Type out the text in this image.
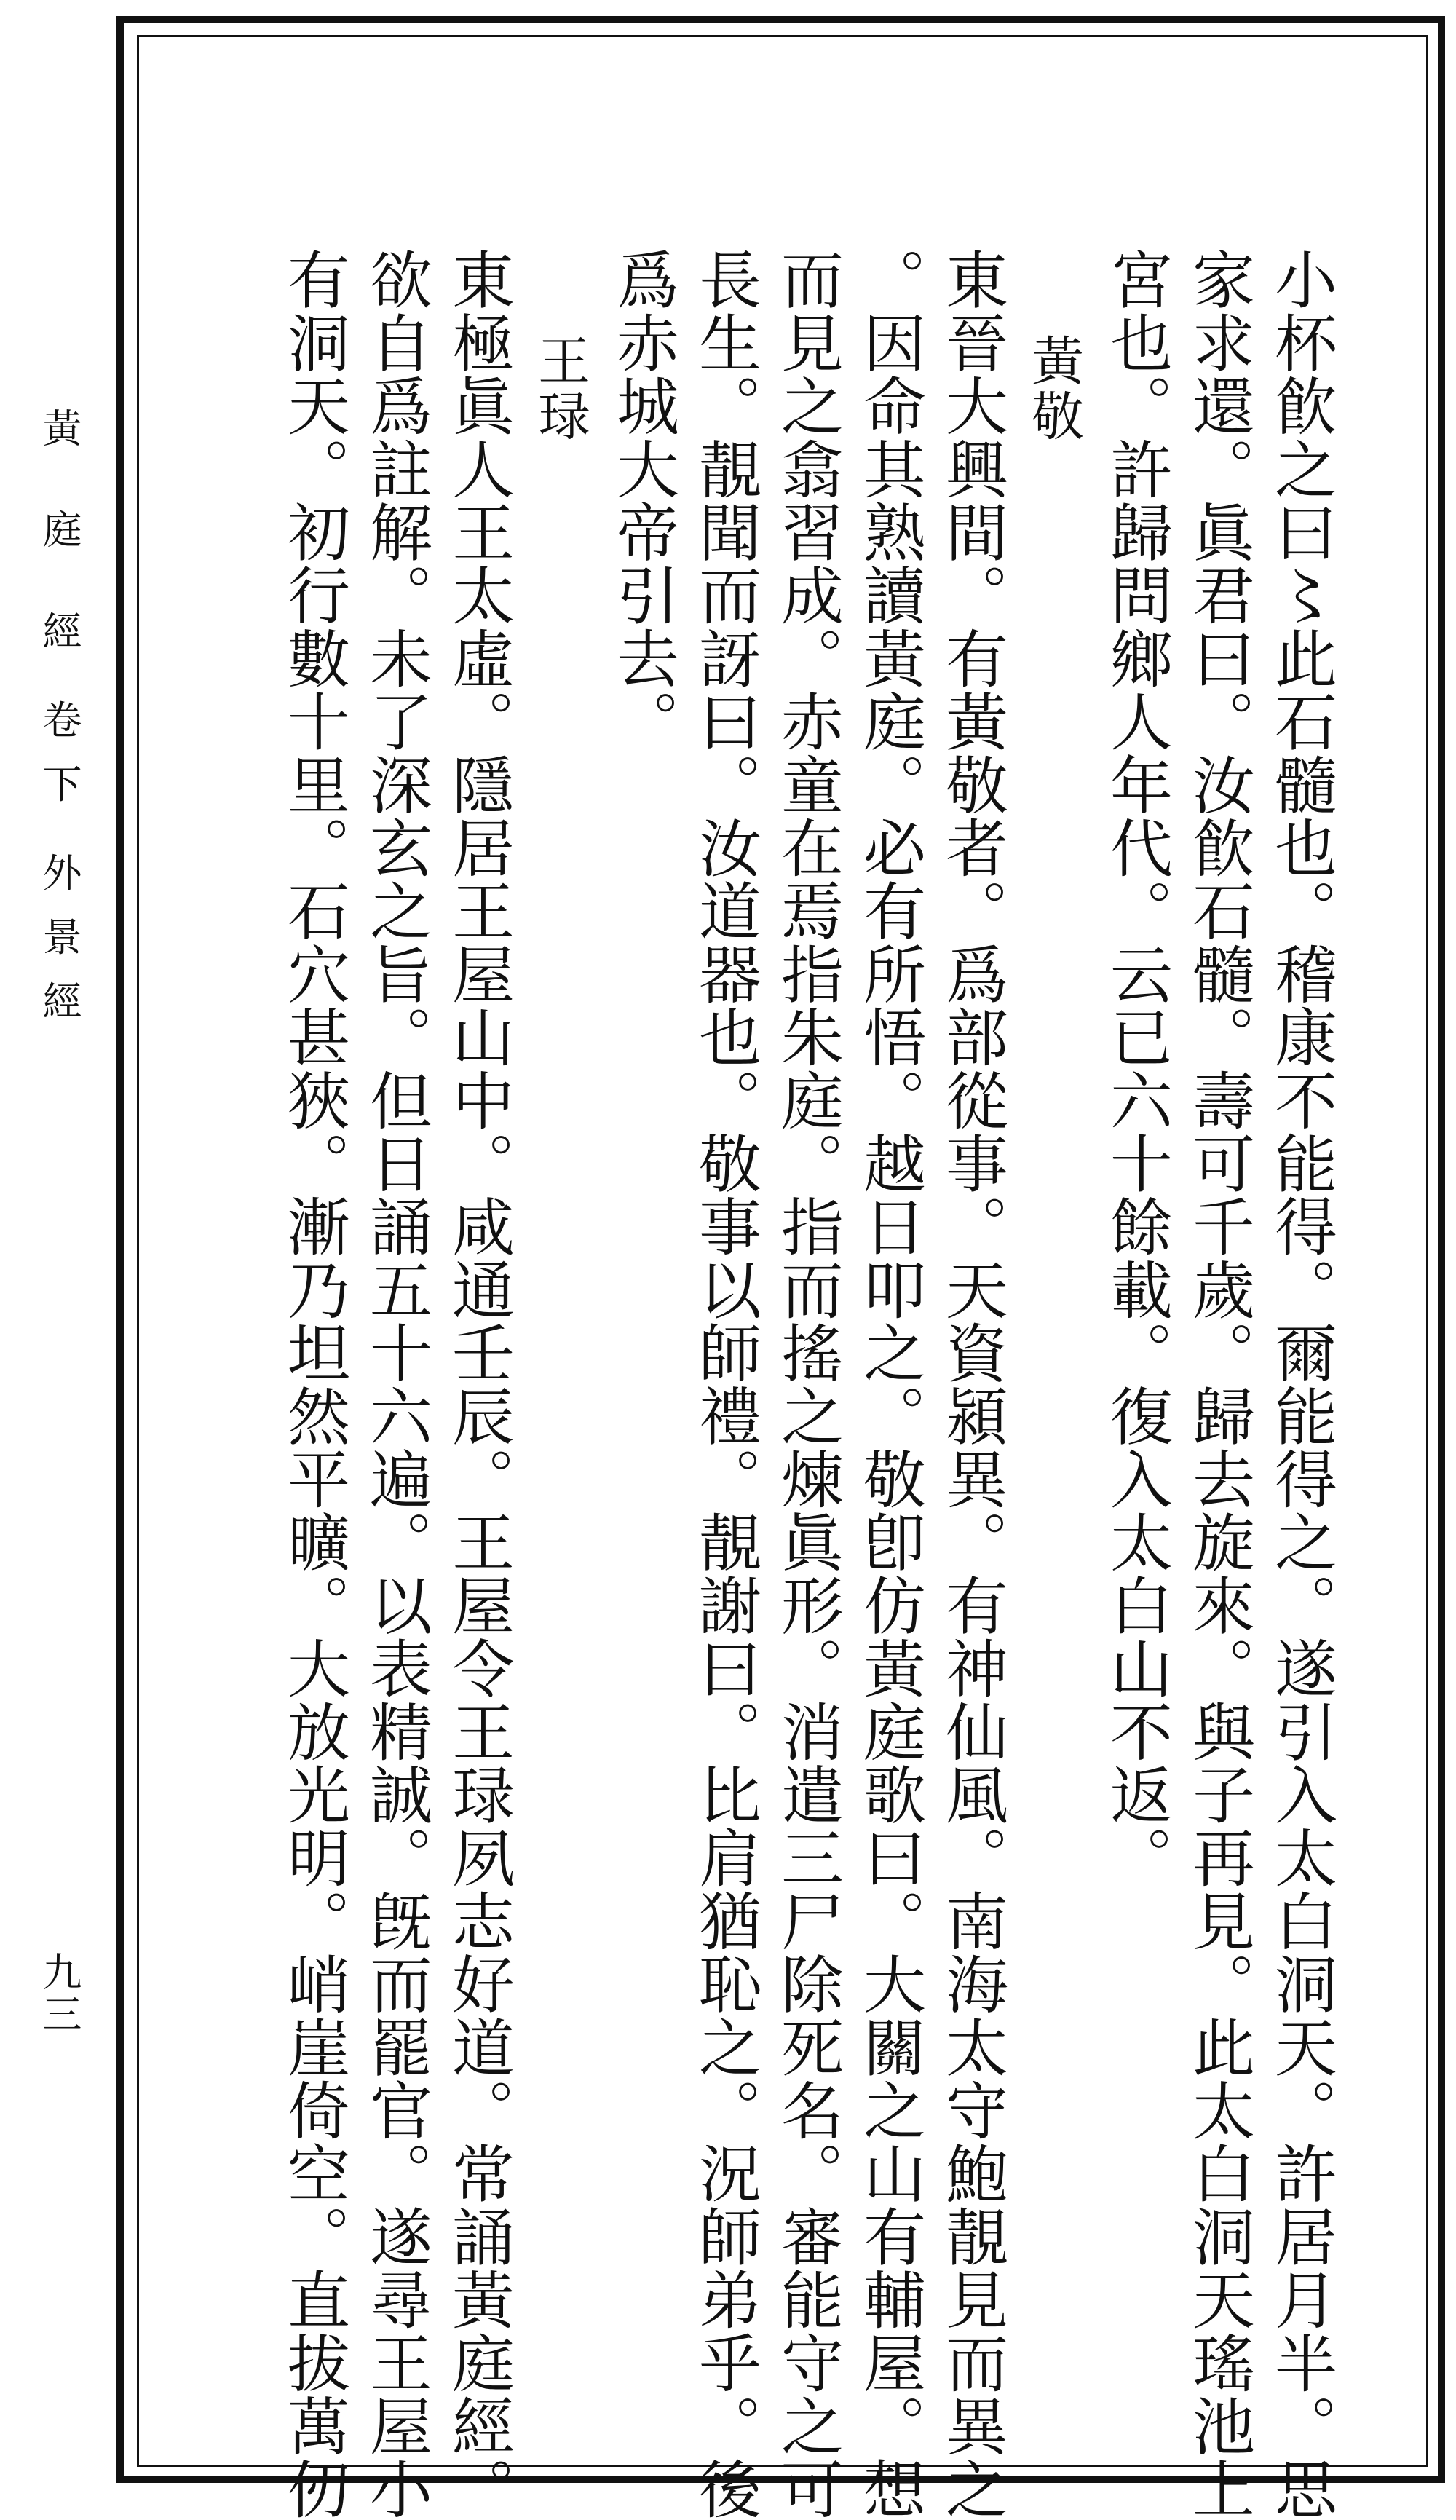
黃 庭 經卷下外景經
九三	小杯飮之曰〻此石髓也。稽康不能得。爾能得之。遂引入太白洞天。許居月半。思
家求還。眞君曰。汝飮石髓。壽可千歲。歸去旋來。與子再見。此太白洞天瑤池上
宮也。許歸問鄉人年代。云已六十餘載。復入太白山不返。
黃敬
東晉大興間。有黃敬者。爲部從事。天資潁異。有神仙風。南海太守鮑靚見而異之
。因命其熟讀黃庭。必有所悟。越日叩之。敬卽仿黃庭歌曰。大關之山有輔屋。想
而見之翕習成。赤童在焉指朱庭。指而搖之煉眞形。消遣三尸除死名。審能守之可
長生。靚聞而訝曰。汝道器也。敬事以師禮。靚謝曰。比肩猶恥之。況師弟乎。後
爲赤城大帝引去。
王琭
東極眞人王太虛。隱居王屋山中。咸通壬辰。王屋令王琭夙志好道。常誦黃庭經。
欲自爲註解。未了深玄之旨。但日誦五十六遍。以表精誠。旣而罷官。遂尋王屋小
有洞天。初行數十里。石穴甚狹。漸乃坦然平曠。大放光明。峭崖倚空。直拔萬仞
